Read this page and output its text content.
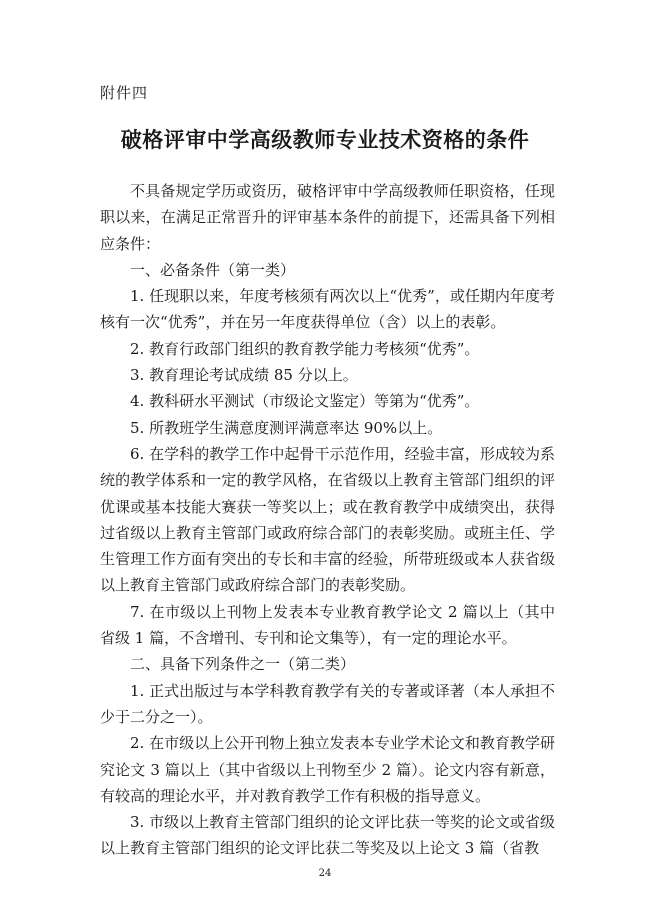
附件四
破格评审中学高级教师专业技术资格的条件

不具备规定学历或资历，破格评审中学高级教师任职资格，任现职以来，在满足正常晋升的评审基本条件的前提下，还需具备下列相应条件：

一、必备条件（第一类）

1. 任现职以来，年度考核须有两次以上“优秀”，或任期内年度考核有一次“优秀”，并在另一年度获得单位（含）以上的表彰。

2. 教育行政部门组织的教育教学能力考核须“优秀”。

3. 教育理论考试成绩 85 分以上。

4. 教科研水平测试（市级论文鉴定）等第为“优秀”。

5. 所教班学生满意度测评满意率达 90%以上。

6. 在学科的教学工作中起骨干示范作用，经验丰富，形成较为系统的教学体系和一定的教学风格，在省级以上教育主管部门组织的评优课或基本技能大赛获一等奖以上；或在教育教学中成绩突出，获得过省级以上教育主管部门或政府综合部门的表彰奖励。或班主任、学生管理工作方面有突出的专长和丰富的经验，所带班级或本人获省级以上教育主管部门或政府综合部门的表彰奖励。

7. 在市级以上刊物上发表本专业教育教学论文 2 篇以上（其中省级 1 篇，不含增刊、专刊和论文集等），有一定的理论水平。

二、具备下列条件之一（第二类）

1. 正式出版过与本学科教育教学有关的专著或译著（本人承担不少于二分之一）。

2. 在市级以上公开刊物上独立发表本专业学术论文和教育教学研究论文 3 篇以上（其中省级以上刊物至少 2 篇）。论文内容有新意，有较高的理论水平，并对教育教学工作有积极的指导意义。

3. 市级以上教育主管部门组织的论文评比获一等奖的论文或省级以上教育主管部门组织的论文评比获二等奖及以上论文 3 篇（省教

24
